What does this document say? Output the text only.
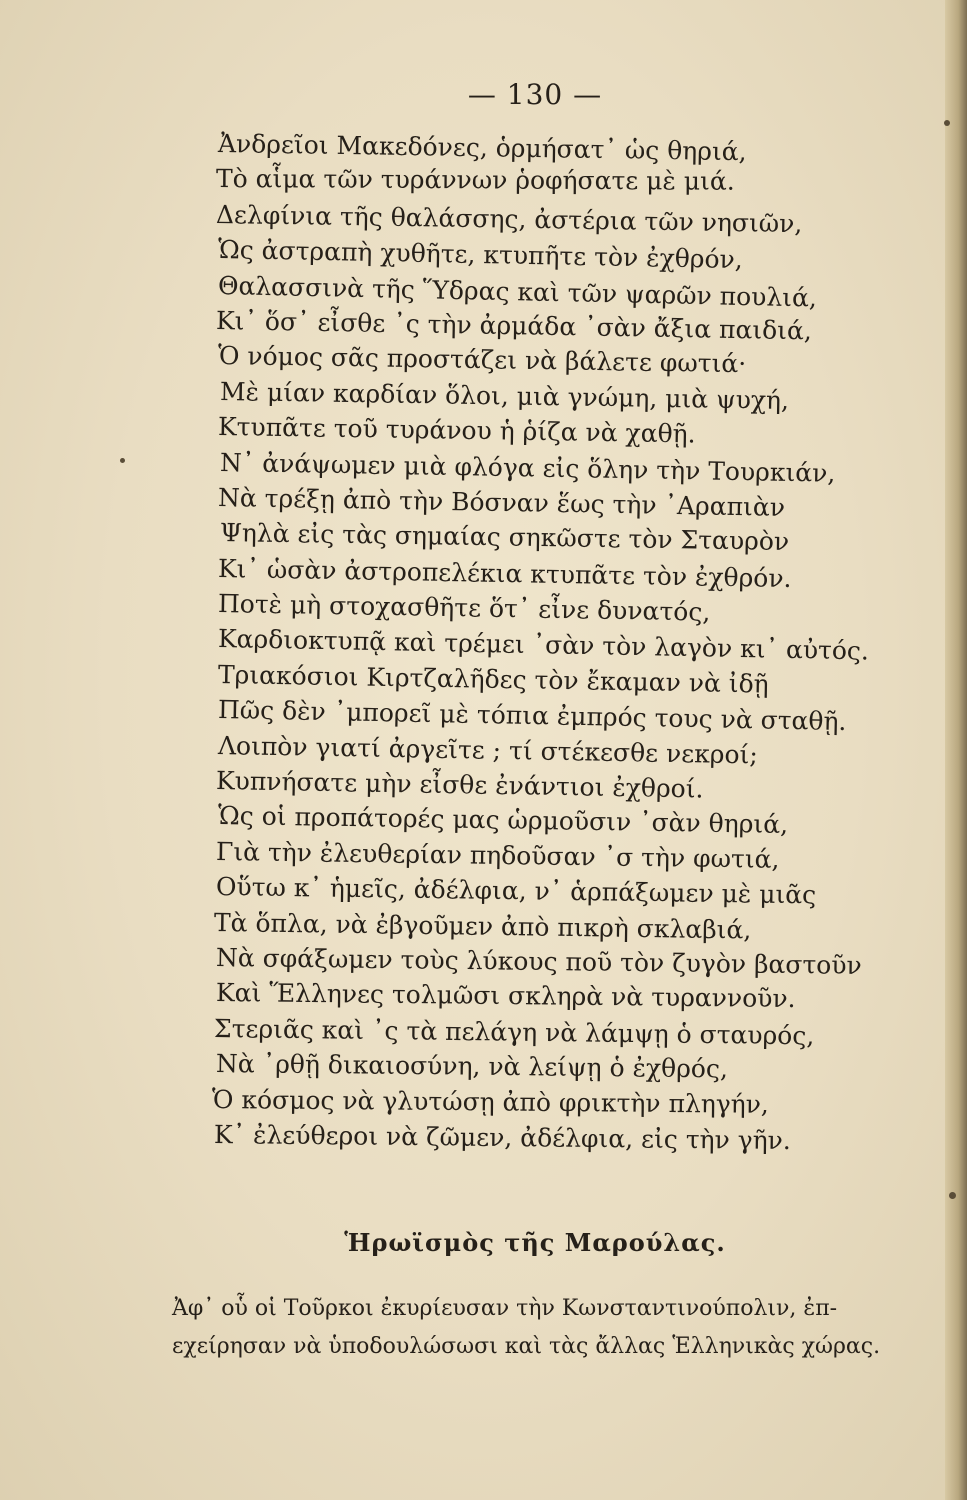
— 130 —
Ἀνδρεῖοι Μακεδόνες, ὁρμήσατ᾽ ὡς θηριά,
Τὸ αἷμα τῶν τυράννων ῥοφήσατε μὲ μιά.
Δελφίνια τῆς θαλάσσης, ἀστέρια τῶν νησιῶν,
Ὡς ἀστραπὴ χυθῆτε, κτυπῆτε τὸν ἐχθρόν,
Θαλασσινὰ τῆς Ὕδρας καὶ τῶν ψαρῶν πουλιά,
Κι᾽ ὅσ᾽ εἶσθε ᾽ς τὴν ἀρμάδα ᾽σὰν ἄξια παιδιά,
Ὁ νόμος σᾶς προστάζει νὰ βάλετε φωτιά·
Μὲ μίαν καρδίαν ὅλοι, μιὰ γνώμη, μιὰ ψυχή,
Κτυπᾶτε τοῦ τυράνου ἡ ῥίζα νὰ χαθῇ.
Ν᾽ ἀνάψωμεν μιὰ φλόγα εἰς ὅλην τὴν Τουρκιάν,
Νὰ τρέξῃ ἀπὸ τὴν Βόσναν ἕως τὴν ᾽Αραπιὰν
Ψηλὰ εἰς τὰς σημαίας σηκῶστε τὸν Σταυρὸν
Κι᾽ ὡσὰν ἀστροπελέκια κτυπᾶτε τὸν ἐχθρόν.
Ποτὲ μὴ στοχασθῆτε ὅτ᾽ εἶνε δυνατός,
Καρδιοκτυπᾷ καὶ τρέμει ᾽σὰν τὸν λαγὸν κι᾽ αὐτός.
Τριακόσιοι Κιρτζαλῆδες τὸν ἔκαμαν νὰ ἰδῇ
Πῶς δὲν ᾽μπορεῖ μὲ τόπια ἐμπρός τους νὰ σταθῇ.
Λοιπὸν γιατί ἀργεῖτε ; τί στέκεσθε νεκροί;
Κυπνήσατε μὴν εἶσθε ἐνάντιοι ἐχθροί.
Ὡς οἱ προπάτορές μας ὡρμοῦσιν ᾽σὰν θηριά,
Γιὰ τὴν ἐλευθερίαν πηδοῦσαν ᾽σ τὴν φωτιά,
Οὕτω κ᾽ ἡμεῖς, ἀδέλφια, ν᾽ ἁρπάξωμεν μὲ μιᾶς
Τὰ ὅπλα, νὰ ἐβγοῦμεν ἀπὸ πικρὴ σκλαβιά,
Νὰ σφάξωμεν τοὺς λύκους ποῦ τὸν ζυγὸν βαστοῦν
Καὶ Ἕλληνες τολμῶσι σκληρὰ νὰ τυραννοῦν.
Στεριᾶς καὶ ᾽ς τὰ πελάγη νὰ λάμψῃ ὁ σταυρός,
Νὰ ᾽ρθῇ δικαιοσύνη, νὰ λείψῃ ὁ ἐχθρός,
Ὁ κόσμος νὰ γλυτώσῃ ἀπὸ φρικτὴν πληγήν,
Κ᾽ ἐλεύθεροι νὰ ζῶμεν, ἀδέλφια, εἰς τὴν γῆν.
Ἡρωϊσμὸς τῆς Μαρούλας.
Ἀφ᾽ οὗ οἱ Τοῦρκοι ἐκυρίευσαν τὴν Κωνσταντινούπολιν, ἐπ-
εχείρησαν νὰ ὑποδουλώσωσι καὶ τὰς ἄλλας Ἑλληνικὰς χώρας.
